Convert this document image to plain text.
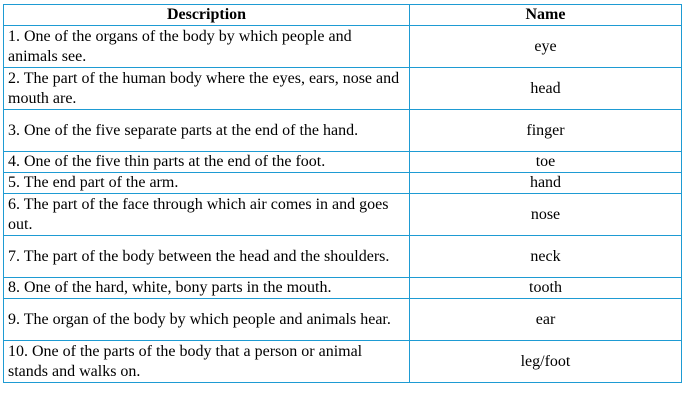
Description	Name
1. One of the organs of the body by which people and animals see.	eye
2. The part of the human body where the eyes, ears, nose and mouth are.	head
3. One of the five separate parts at the end of the hand.	finger
4. One of the five thin parts at the end of the foot.	toe
5. The end part of the arm.	hand
6. The part of the face through which air comes in and goes out.	nose
7. The part of the body between the head and the shoulders.	neck
8. One of the hard, white, bony parts in the mouth.	tooth
9. The organ of the body by which people and animals hear.	ear
10. One of the parts of the body that a person or animal stands and walks on.	leg/foot
